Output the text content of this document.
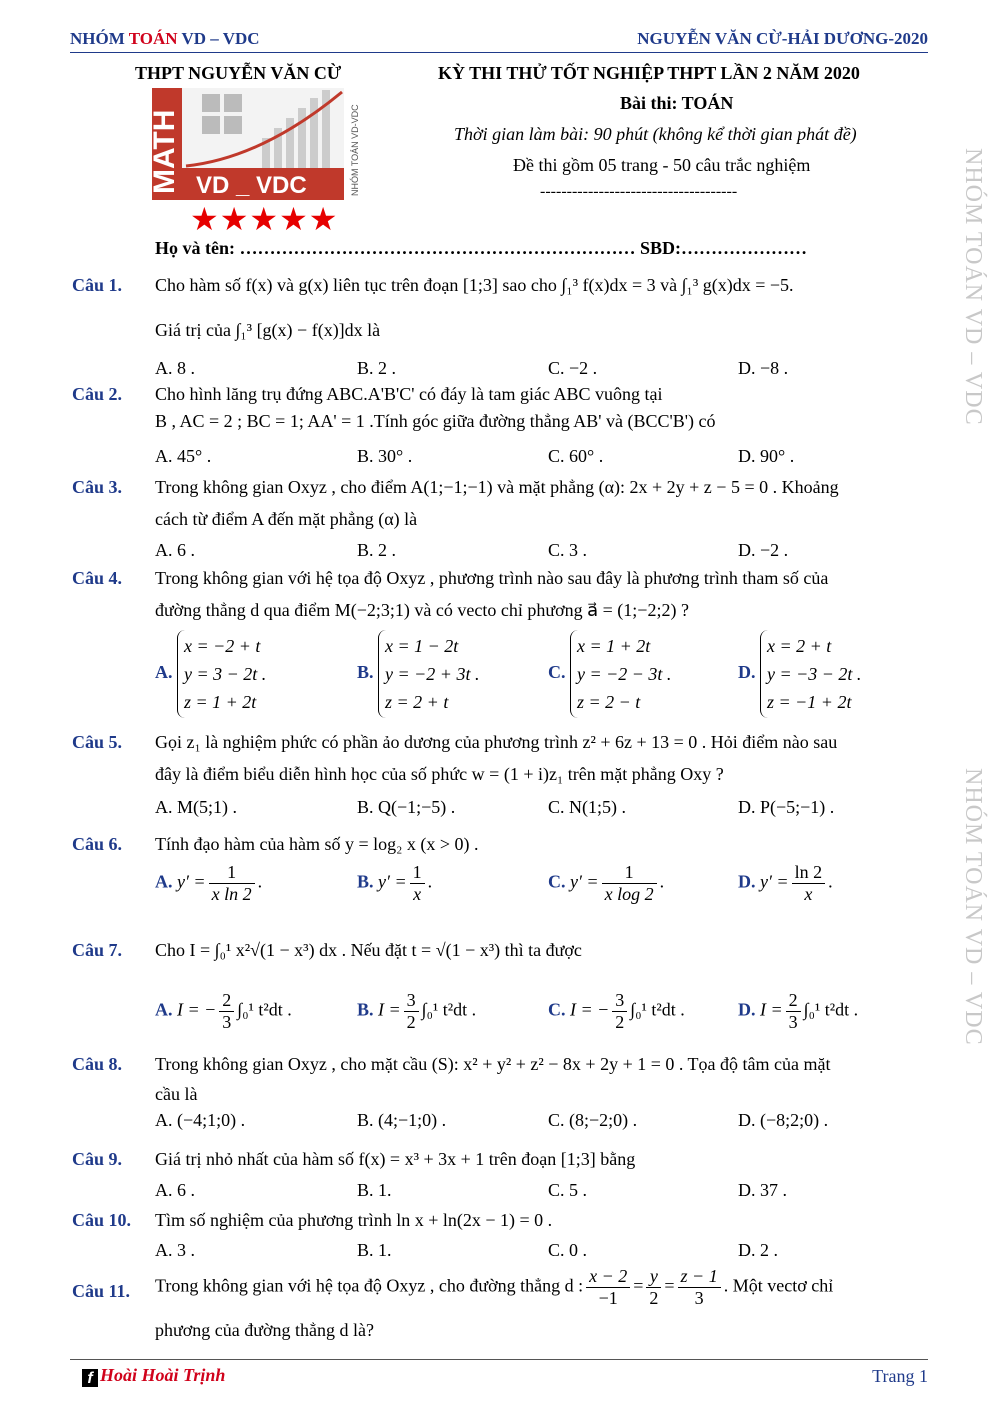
NHÓM TOÁN VD – VDC	NGUYỄN VĂN CỪ-HẢI DƯƠNG-2020
NHÓM TOÁN VD – VDC
NHÓM TOÁN VD – VDC
THPT NGUYỄN VĂN CỪ	KỲ THI THỬ TỐT NGHIỆP THPT LẦN 2 NĂM 2020
Bài thi: TOÁN
Thời gian làm bài: 90 phút (không kể thời gian phát đề)
Đề thi gồm 05 trang - 50 câu trắc nghiệm
-------------------------------------
MATH VD _ VDC	NHÓM TOÁN VD-VDC
★★★★★
Họ và tên: ………………………………………………………… SBD:…………………
Câu 1. Cho hàm số f(x) và g(x) liên tục trên đoạn [1;3] sao cho ∫₁³ f(x)dx = 3 và ∫₁³ g(x)dx = −5.
Giá trị của ∫₁³ [g(x) − f(x)]dx là
A. 8 .	B. 2 .	C. −2 .	D. −8 .
Câu 2. Cho hình lăng trụ đứng ABC.A'B'C' có đáy là tam giác ABC vuông tại
B , AC = 2 ; BC = 1; AA' = 1 .Tính góc giữa đường thẳng AB' và (BCC'B') có
A. 45° .	B. 30° .	C. 60° .	D. 90° .
Câu 3. Trong không gian Oxyz , cho điểm A(1;−1;−1) và mặt phẳng (α): 2x + 2y + z − 5 = 0 . Khoảng
cách từ điểm A đến mặt phẳng (α) là
A. 6 .	B. 2 .	C. 3 .	D. −2 .
Câu 4. Trong không gian với hệ tọa độ Oxyz , phương trình nào sau đây là phương trình tham số của
đường thẳng d qua điểm M(−2;3;1) và có vecto chỉ phương a⃗ = (1;−2;2) ?
A. x = −2 + t
y = 3 − 2t .
z = 1 + 2t
B. x = 1 − 2t
y = −2 + 3t .
z = 2 + t
C. x = 1 + 2t
y = −2 − 3t .
z = 2 − t
D. x = 2 + t
y = −3 − 2t .
z = −1 + 2t
Câu 5. Gọi z₁ là nghiệm phức có phần ảo dương của phương trình z² + 6z + 13 = 0 . Hỏi điểm nào sau
đây là điểm biểu diễn hình học của số phức w = (1 + i)z₁ trên mặt phẳng Oxy ?
A. M(5;1) .	B. Q(−1;−5) .	C. N(1;5) .	D. P(−5;−1) .
Câu 6. Tính đạo hàm của hàm số y = log₂ x (x > 0) .
A. $y' = \frac{1}{\text{x ln 2}}$ .	B. $y' = \frac{1}{x}$ .	C. $y' = \frac{1}{\text{x log 2}}$ .	D. $y' = \frac{\ln 2}{x}$ .
Câu 7. Cho I = ∫₀¹ x²√(1 − x³) dx . Nếu đặt t = √(1 − x³) thì ta được
A. I = − $\frac{2}{3} \int_0^1$ t²dt .	B. $I = \frac{3}{2} \int_0^1$ t²dt .	C. I = − $\frac{3}{2} \int_0^1$ t²dt .	D. $I = \frac{2}{3} \int_0^1$ t²dt .
Câu 8. Trong không gian Oxyz , cho mặt cầu (S): x² + y² + z² − 8x + 2y + 1 = 0 . Tọa độ tâm của mặt
cầu là
A. (−4;1;0) .	B. (4;−1;0) .	C. (8;−2;0) .	D. (−8;2;0) .
Câu 9. Giá trị nhỏ nhất của hàm số f(x) = x³ + 3x + 1 trên đoạn [1;3] bằng
A. 6 .	B. 1.	C. 5 .	D. 37 .
Câu 10. Tìm số nghiệm của phương trình ln x + ln(2x − 1) = 0 .
A. 3 .	B. 1.	C. 0 .	D. 2 .
Câu 11. Trong không gian với hệ tọa độ Oxyz , cho đường thẳng d : $\frac{x - 2}{-1} = \frac{y}{2} = \frac{z - 1}{3}$ . Một vectơ chỉ
phương của đường thẳng d là?
f Hoài Hoài Trịnh	Trang 1
